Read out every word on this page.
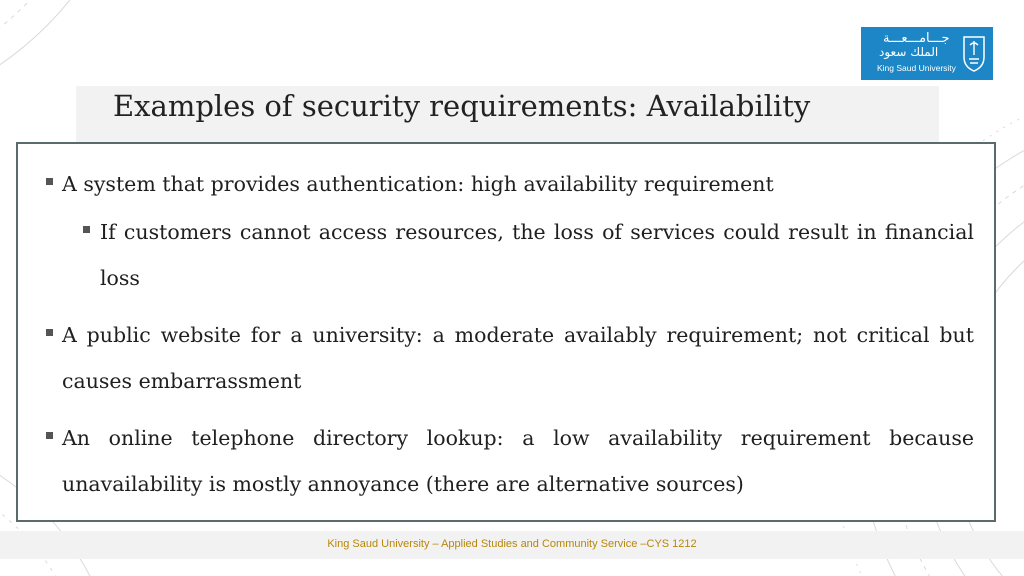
جـــامـــعـــة
الملك سعود
King Saud University
Examples of security requirements: Availability
A system that provides authentication: high availability requirement
If customers cannot access resources, the loss of services could result in financial loss
A public website for a university: a moderate availably requirement; not critical but causes embarrassment
An online telephone directory lookup: a low availability requirement because unavailability is mostly annoyance (there are alternative sources)
King Saud University – Applied Studies and Community Service –CYS 1212
